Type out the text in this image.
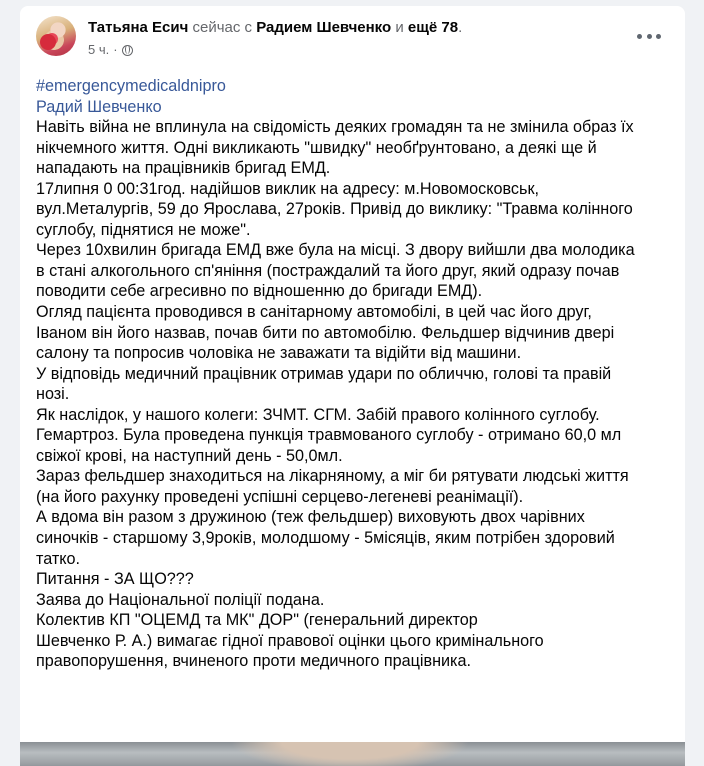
Татьяна Есич сейчас с Радием Шевченко и ещё 78.
5 ч. ·
#emergencymedicaldnipro
Радий Шевченко
Навіть війна не вплинула на свідомість деяких громадян та не змінила образ їх
нікчемного життя. Одні викликають "швидку" необґрунтовано, а деякі ще й
нападають на працівників бригад ЕМД.
17липня 0 00:31год. надійшов виклик на адресу: м.Новомосковськ,
вул.Металургів, 59 до Ярослава, 27років. Привід до виклику: "Травма колінного
суглобу, піднятися не може".
Через 10хвилин бригада ЕМД вже була на місці. З двору вийшли два молодика
в стані алкогольного сп'яніння (постраждалий та його друг, який одразу почав
поводити себе агресивно по відношенню до бригади ЕМД).
Огляд пацієнта проводився в санітарному автомобілі, в цей час його друг,
Іваном він його назвав, почав бити по автомобілю. Фельдшер відчинив двері
салону та попросив чоловіка не заважати та відійти від машини.
У відповідь медичний працівник отримав удари по обличчю, голові та правій
нозі.
Як наслідок, у нашого колеги: ЗЧМТ. СГМ. Забій правого колінного суглобу.
Гемартроз. Була проведена пункція травмованого суглобу - отримано 60,0 мл
свіжої крові, на наступний день - 50,0мл.
Зараз фельдшер знаходиться на лікарняному, а міг би рятувати людські життя
(на його рахунку проведені успішні серцево-легеневі реанімації).
А вдома він разом з дружиною (теж фельдшер) виховують двох чарівних
синочків - старшому 3,9років, молодшому - 5місяців, яким потрібен здоровий
татко.
Питання - ЗА ЩО???
Заява до Національної поліції подана.
Колектив КП "ОЦЕМД та МК" ДОР" (генеральний директор
Шевченко Р. А.) вимагає гідної правової оцінки цього кримінального
правопорушення, вчиненого проти медичного працівника.
